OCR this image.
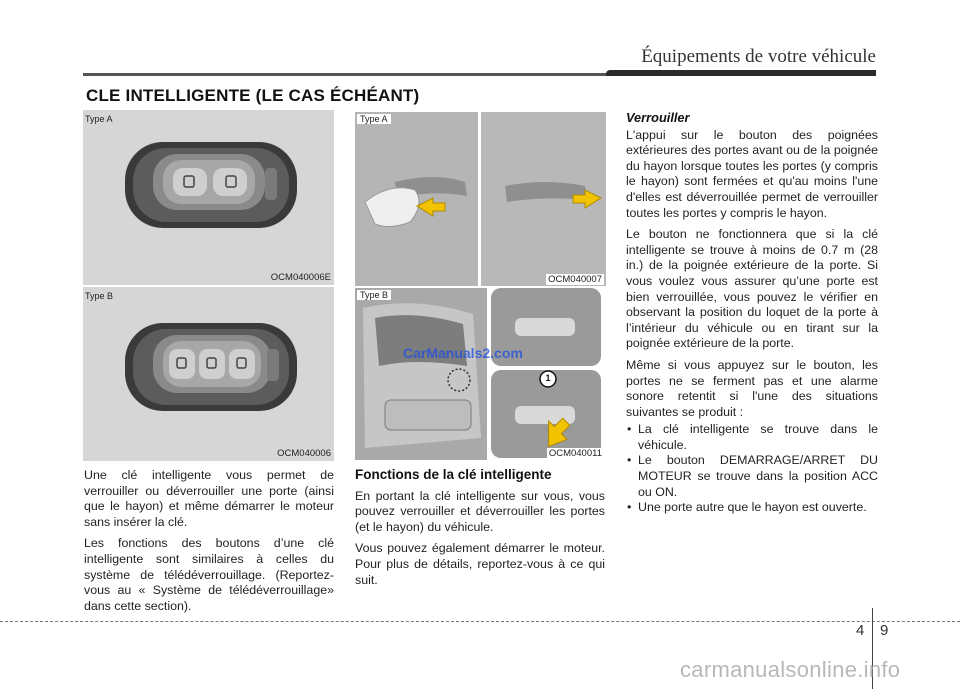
Équipements de votre véhicule
CLE INTELLIGENTE (LE CAS ÉCHÉANT)
Type A
OCM040006E
Type B
OCM040006
Type A
OCM040007
Type B
1
OCM040011
CarManuals2.com

Une clé intelligente vous permet de verrouiller ou déverrouiller une porte (ainsi que le hayon) et même démarrer le moteur sans insérer la clé.

Les fonctions des boutons d’une clé intelligente sont similaires à celles du système de télédéverrouillage. (Reportez-vous au « Système de télédéverrouillage» dans cette section).

Fonctions de la clé intelligente

En portant la clé intelligente sur vous, vous pouvez verrouiller et déverrouiller les portes (et le hayon) du véhicule.

Vous pouvez également démarrer le moteur. Pour plus de détails, reportez-vous à ce qui suit.

Verrouiller

L'appui sur le bouton des poignées extérieures des portes avant ou de la poignée du hayon lorsque toutes les portes (y compris le hayon) sont fermées et qu'au moins l'une d'elles est déverrouillée permet de verrouiller toutes les portes y compris le hayon.

Le bouton ne fonctionnera que si la clé intelligente se trouve à moins de 0.7 m (28 in.) de la poignée extérieure de la porte. Si vous voulez vous assurer qu’une porte est bien verrouillée, vous pouvez le vérifier en observant la position du loquet de la porte à l’intérieur du véhicule ou en tirant sur la poignée extérieure de la porte.

Même si vous appuyez sur le bouton, les portes ne se ferment pas et une alarme sonore retentit si l'une des situations suivantes se produit :

• La clé intelligente se trouve dans le véhicule.
• Le bouton DEMARRAGE/ARRET DU MOTEUR se trouve dans la position ACC ou ON.
• Une porte autre que le hayon est ouverte.
4 9
carmanualsonline.info
